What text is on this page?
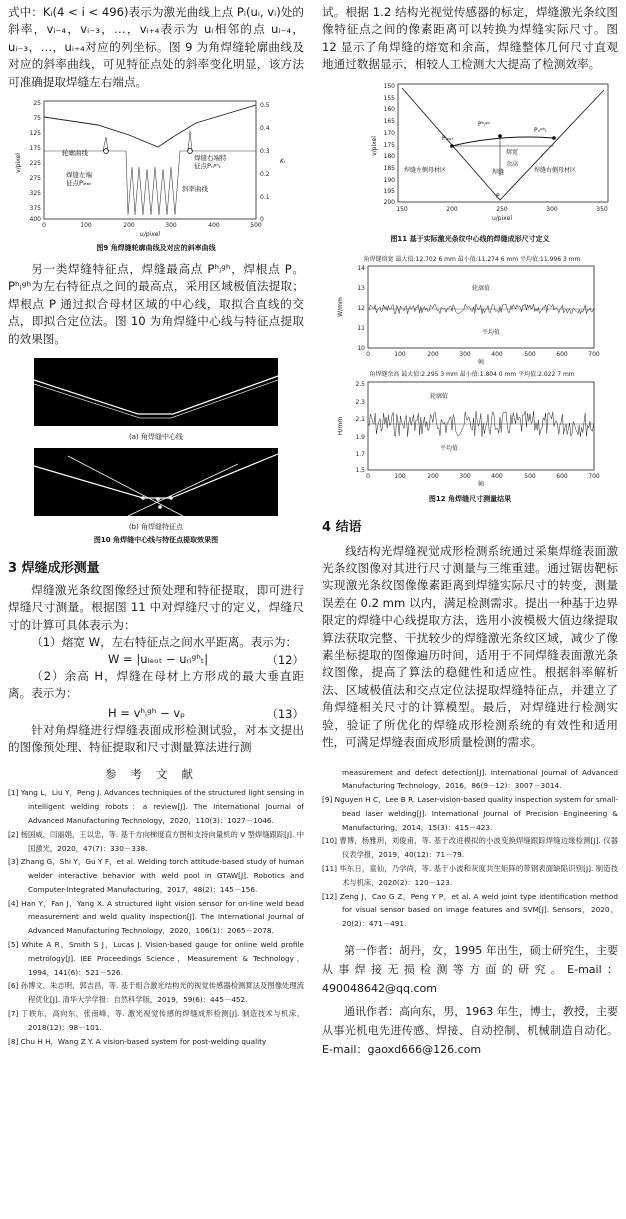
式中：Kᵢ(4 < i < 496)表示为激光曲线上点 Pᵢ(uᵢ, vᵢ)处的斜率，vᵢ₋₄，vᵢ₋₃，…，vᵢ₊₄表示为 uᵢ相邻的点 uᵢ₋₄，uᵢ₋₃，…，uᵢ₊₄对应的列坐标。图 9 为角焊缝轮廓曲线及对应的斜率曲线，可见特征点处的斜率变化明显，该方法可准确提取焊缝左右端点。

0	100	200	300	400	500
u/pixel
25
75
125
175
225
275
325
375
400
v/pixel
0.5
0.4
0.3
0.2
0.1
0
Kᵢ
轮廓曲线
焊缝左端
征点Pₗₑₒₜ
焊缝右端特
征点Pᵣᵢᵍʰₜ
斜率曲线

图9 角焊缝轮廓曲线及对应的斜率曲线

另一类焊缝特征点，焊缝最高点 Pʰᵢᵍʰ，焊根点 P。Pʰᵢᵍʰ为左右特征点之间的最高点，采用区域极值法提取；焊根点 P 通过拟合母材区域的中心线，取拟合直线的交点，即拟合定位法。图 10 为角焊缝中心线与特征点提取的效果图。

(a) 角焊缝中心线

(b) 角焊缝特征点

图10 角焊缝中心线与特征点提取效果图

3 焊缝成形测量

焊缝激光条纹图像经过预处理和特征提取，即可进行焊缝尺寸测量。根据图 11 中对焊缝尺寸的定义，焊缝尺寸的计算可具体表示为：

（1）熔宽 W，左右特征点之间水平距离。表示为：

W = |uₗₑₒₜ − uᵣᵢᵍʰₜ|	（12）

（2）余高 H，焊缝在母材上方形成的最大垂直距离。表示为：

H = vʰᵢᵍʰ − vₚ	（13）

针对角焊缝进行焊缝表面成形检测试验，对本文提出的图像预处理、特征提取和尺寸测量算法进行测

参考文献

[1] Yang L，Liu Y，Peng J. Advances techniques of the structured light sensing in intelligent welding robots：a review[J]. The International Journal of Advanced Manufacturing Technology，2020，110(3)：1027－1046.

[2] 杨国威，闫丽娟，王以忠，等. 基于方向梯度直方图和支持向量机的 V 型焊缝跟踪[J]. 中国激光，2020，47(7)：330－338.

[3] Zhang G，Shi Y，Gu Y F，et al. Welding torch attitude-based study of human welder interactive behavior with weld pool in GTAW[J]. Robotics and Computer-Integrated Manufacturing，2017，48(2)：145－156.

[4] Han Y，Fan J，Yang X. A structured light vision sensor for on-line weld bead measurement and weld quality inspection[J]. The International Journal of Advanced Manufacturing Technology，2020，106(1)：2065－2078.

[5] White A R，Smith S J，Lucas J. Vision-based gauge for online weld profile metrology[J]. IEE Proceedings Science，Measurement & Technology，1994，141(6)：521－526.

[6] 孙博文，朱志明，郭吉昌，等. 基于组合激光结构光的视觉传感器检测算法及图像处理流程优化[J]. 清华大学学报：自然科学版，2019，59(6)：445－452.

[7] 丁轶东，高向东，张南峰，等. 激光视觉传感的焊缝成形检测[J]. 制造技术与机床，2018(12)：98－101.

[8] Chu H H，Wang Z Y. A vision-based system for post-welding quality

试。根据 1.2 结构光视觉传感器的标定，焊缝激光条纹图像特征点之间的像素距离可以转换为焊缝实际尺寸。图 12 显示了角焊缝的熔宽和余高，焊缝整体几何尺寸直观地通过数据显示，相较人工检测大大提高了检测效率。

150	200	250	300	350
u/pixel
150
155
160
165
170
175
180
185
190
195
200
v/pixel
Pʰᵢᵍʰ
Pₗₑₒₜ
Pᵣᵢᵍʰₜ
熔宽
余高
焊缝左侧母材区	焊缝	焊缝右侧母材区
P

图11 基于实际激光条纹中心线的焊缝成形尺寸定义

角焊缝熔宽 最大值:12.702 6 mm 最小值:11.274 6 mm 平均值:11.996 3 mm
14
13
12
11
10
W/mm
0	100	200	300	400	500	600	700
帧
轮廓值
平均值
角焊缝余高 最大值:2.295 3 mm 最小值:1.804 0 mm 平均值:2.022 7 mm
2.5
2.3
2.1
1.9
1.7
1.5
H/mm
0	100	200	300	400	500	600	700
帧
轮廓值
平均值

图12 角焊缝尺寸测量结果

4 结语

线结构光焊缝视觉成形检测系统通过采集焊缝表面激光条纹图像对其进行尺寸测量与三维重建。通过锯齿靶标实现激光条纹图像像素距离到焊缝实际尺寸的转变，测量误差在 0.2 mm 以内，满足检测需求。提出一种基于边界限定的焊缝中心线提取方法，选用小波模极大值边缘提取算法获取完整、干扰较少的焊缝激光条纹区域，减少了像素坐标提取的图像遍历时间，适用于不同焊缝表面激光条纹图像，提高了算法的稳健性和适应性。根据斜率解析法、区域极值法和交点定位法提取焊缝特征点，并建立了角焊缝相关尺寸的计算模型。最后，对焊缝进行检测实验，验证了所优化的焊缝成形检测系统的有效性和适用性，可满足焊缝表面成形质量检测的需求。

measurement and defect detection[J]. International Journal of Advanced Manufacturing Technology，2016，86(9－12)：3007－3014.

[9] Nguyen H C，Lee B R. Laser-vision-based quality inspection system for small-bead laser welding[J]. International Journal of Precision Engineering & Manufacturing，2014，15(3)：415－423.

[10] 曹博，杨雅玥，刘俊甫，等. 基于改进模拟的小波变换焊缝跟踪焊缝边缘检测[J]. 仪器仪表学报，2019，40(12)：71－79.

[11] 毕东日，童仙，乃学尚，等. 基于小波和灰度共生矩阵的带钢表面缺陷识别[J]. 制造技术与机床，2020(2)：120－123.

[12] Zeng J，Cao G Z，Peng Y P，et al. A weld joint type identification method for visual sensor based on image features and SVM[J]. Sensors，2020，20(2)：471－491.

第一作者：胡丹，女，1995 年出生，硕士研究生，主要从事焊接无损检测等方面的研究。E-mail：490048642@qq.com

通讯作者：高向东，男，1963 年生，博士，教授，主要从事光机电先进传感、焊接、自动控制、机械制造自动化。E-mail：gaoxd666@126.com
